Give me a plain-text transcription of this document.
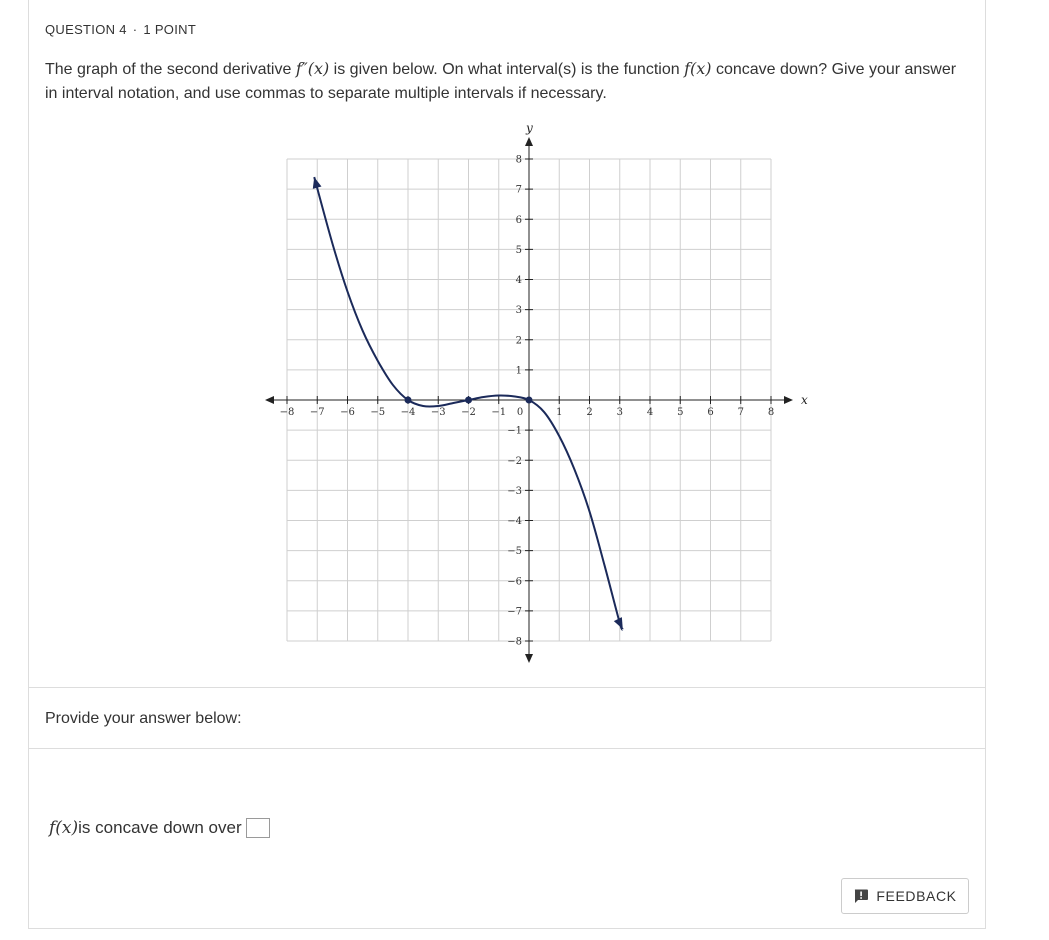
QUESTION 4 · 1 POINT
The graph of the second derivative f″(x) is given below. On what interval(s) is the function f(x) concave down? Give your answer in interval notation, and use commas to separate multiple intervals if necessary.
x
y
−8 −7 −6 −5 −4 −3 −2 −1 0	1 2 3 4 5 6 7 8
−8
−7
−6
−5
−4
−3
−2
−1
1
2
3
4
5
6
7
8
Provide your answer below:
f(x) is concave down over
FEEDBACK
